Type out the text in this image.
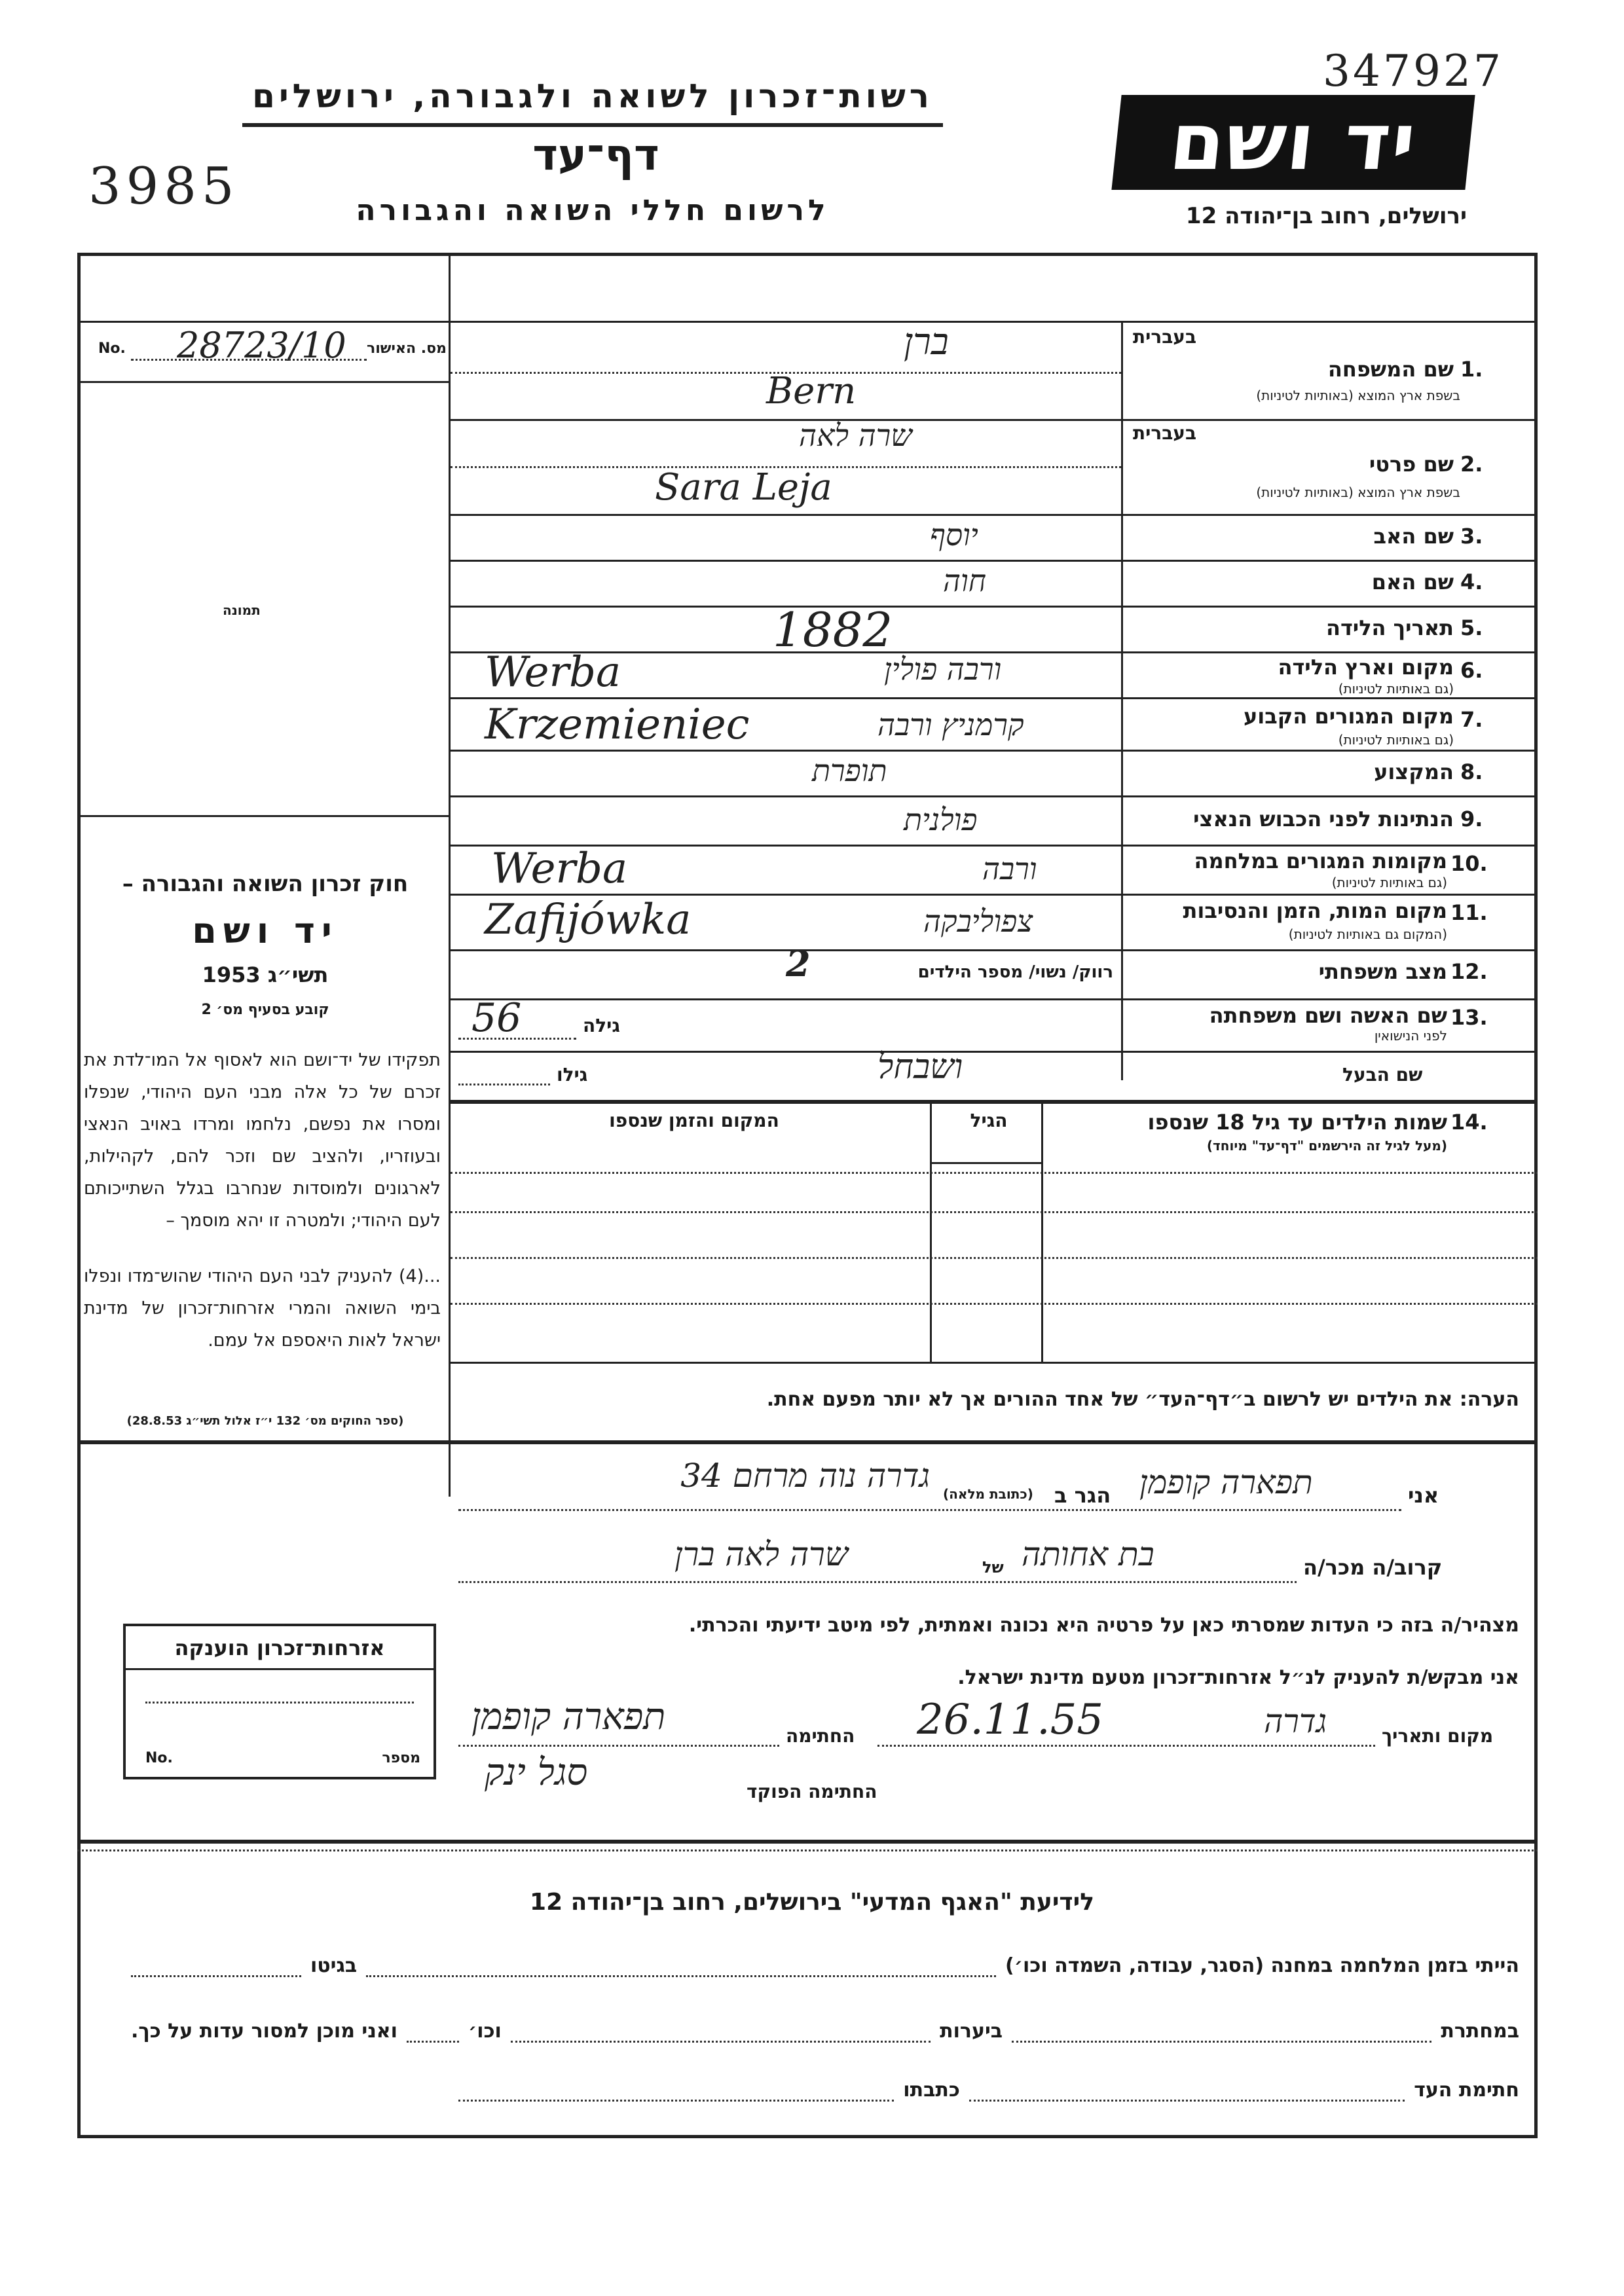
רשות־זכרון לשואה ולגבורה, ירושלים
דף־עד
לרשום חללי השואה והגבורה
3985	יד ושם
347927
ירושלים, רחוב בן־יהודה 12
מס. האישור
No. 28723/10
תמונה
חוק זכרון השואה והגבורה –
יד ושם
תשי״ג 1953
קובע בסעיף מס׳ 2
תפקידו של יד־ושם הוא לאסוף אל המו־לדת את זכרם של כל אלה מבני העם היהודי, שנפלו ומסרו את נפשם, נלחמו ומרדו באויב הנאצי ובעוזריו, ולהציב שם וזכר להם, לקהילות, לארגונים ולמוסדות שנחרבו בגלל השתייכותם לעם היהודי; ולמטרה זו יהא מוסמך –
...(4) להעניק לבני העם היהודי שהוש־מדו ונפלו בימי השואה והמרי אזרחות־זכרון של מדינת ישראל לאות היאספם אל עמם.
(ספר החוקים מס׳ 132 י״ז אלול תשי״ג 28.8.53)
בעברית
1.
שם המשפחה
בשפת ארץ המוצא (באותיות לטיניות)
ברן
Bern
בעברית
2.
שם פרטי
בשפת ארץ המוצא (באותיות לטיניות)
שרה לאה
Sara Leja
3.
שם האב
יוסף
4.
שם האם
חוה
5.
תאריך הלידה
1882
6.
מקום וארץ הלידה
(גם באותיות לטיניות)
ורבה פולין
Werba
7.
מקום המגורים הקבוע
(גם באותיות לטיניות)
קרמניץ ורבה
Krzemieniec
8.
המקצוע
תופרת
9.
הנתינות לפני הכבוש הנאצי
פולנית
10.
מקומות המגורים במלחמה
(גם באותיות לטיניות)
ורבה
Werba
11.
מקום המות, הזמן והנסיבות
(המקום גם באותיות לטיניות)
צפוליבקה
Zafijówka
12.
מצב משפחתי
רווק/ נשוי/ מספר הילדים
2
13.
שם האשה ושם משפחתה
לפני הנישואין
גילה
56
שם הבעל
ושבחל
גילו
14.
שמות הילדים עד גיל 18 שנספו
(מעל לגיל זה הירשמים "דף־עד" מיוחד)
הגיל
המקום והזמן שנספו
הערה: את הילדים יש לרשום ב״דף־העד״ של אחד ההורים אך לא יותר מפעם אחת.
אני
תפארה קופמן
הגר ב
(כתובת מלאה)
גדרה נוה מרחם 34
קרוב/ה מכר/ה
בת אחותה
של
שרה לאה ברן
מצהיר/ה בזה כי העדות שמסרתי כאן על פרטיה היא נכונה ואמתית, לפי מיטב ידיעתי והכרתי.
אני מבקש/ת להעניק לנ״ל אזרחות־זכרון מטעם מדינת ישראל.
מקום ותאריך
גדרה
26.11.55
החתימה
תפארה קופמן
החתימה הפוקד
סגל ינק
אזרחות־זכרון הוענקה
No.	מספר
לידיעת "האגף המדעי" בירושלים, רחוב בן־יהודה 12
הייתי בזמן המלחמה במחנה (הסגר, עבודה, השמדה וכו׳)
בגיטו
במחתרת
ביערות
וכו׳
ואני מוכן למסור עדות על כך.
חתימת העד
כתבתו
